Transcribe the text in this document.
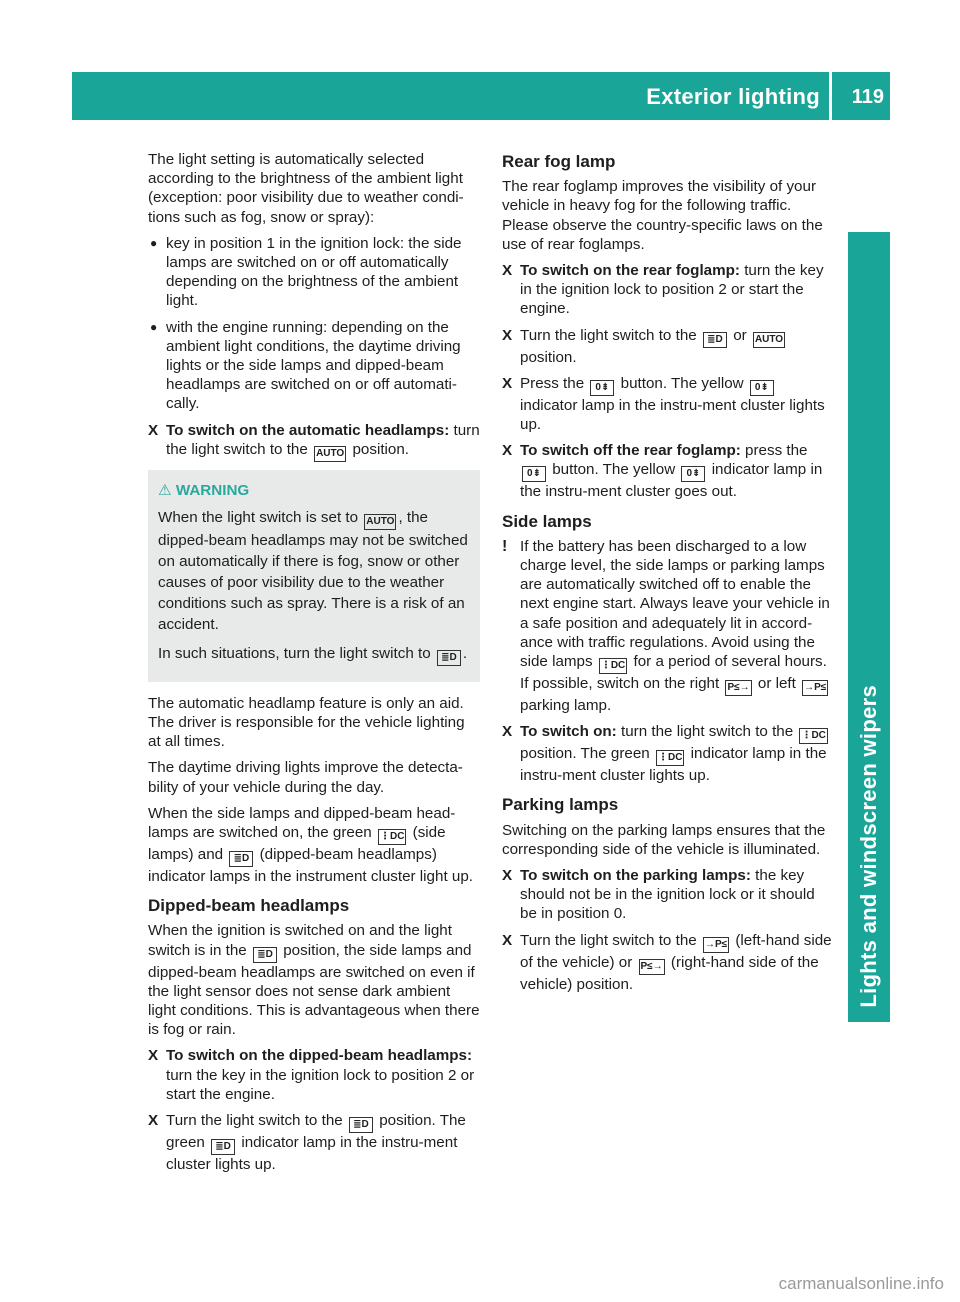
Exterior lighting 119
Lights and windscreen wipers

The light setting is automatically selected according to the brightness of the ambient light (exception: poor visibility due to weather condi-tions such as fog, snow or spray):

● key in position 1 in the ignition lock: the side lamps are switched on or off automatically depending on the brightness of the ambient light.
● with the engine running: depending on the ambient light conditions, the daytime driving lights or the side lamps and dipped-beam headlamps are switched on or off automati-cally.
X To switch on the automatic headlamps: turn the light switch to the AUTO position.
⚠ WARNING

When the light switch is set to AUTO , the dipped-beam headlamps may not be switched on automatically if there is fog, snow or other causes of poor visibility due to the weather conditions such as spray. There is a risk of an accident.

In such situations, turn the light switch to ≣D .

The automatic headlamp feature is only an aid. The driver is responsible for the vehicle lighting at all times.

The daytime driving lights improve the detecta-bility of your vehicle during the day.

When the side lamps and dipped-beam head-lamps are switched on, the green ⋮DC (side lamps) and ≣D (dipped-beam headlamps) indicator lamps in the instrument cluster light up.

Dipped-beam headlamps

When the ignition is switched on and the light switch is in the ≣D position, the side lamps and dipped-beam headlamps are switched on even if the light sensor does not sense dark ambient light conditions. This is advantageous when there is fog or rain.

X To switch on the dipped-beam headlamps: turn the key in the ignition lock to position 2 or start the engine.
X Turn the light switch to the ≣D position. The green ≣D indicator lamp in the instru-ment cluster lights up.
Rear fog lamp

The rear foglamp improves the visibility of your vehicle in heavy fog for the following traffic. Please observe the country-specific laws on the use of rear foglamps.

X To switch on the rear foglamp: turn the key in the ignition lock to position 2 or start the engine.
X Turn the light switch to the ≣D or AUTO position.
X Press the 0⇟ button. The yellow 0⇟ indicator lamp in the instru-ment cluster lights up.
X To switch off the rear foglamp: press the 0⇟ button. The yellow 0⇟ indicator lamp in the instru-ment cluster goes out.
Side lamps
! If the battery has been discharged to a low charge level, the side lamps or parking lamps are automatically switched off to enable the next engine start. Always leave your vehicle in a safe position and adequately lit in accord-ance with traffic regulations. Avoid using the side lamps ⋮DC for a period of several hours. If possible, switch on the right P≤→ or left →P≤ parking lamp.
X To switch on: turn the light switch to the ⋮DC position. The green ⋮DC indicator lamp in the instru-ment cluster lights up.
Parking lamps

Switching on the parking lamps ensures that the corresponding side of the vehicle is illuminated.

X To switch on the parking lamps: the key should not be in the ignition lock or it should be in position 0.
X Turn the light switch to the →P≤ (left-hand side of the vehicle) or P≤→ (right-hand side of the vehicle) position.
carmanualsonline.info
